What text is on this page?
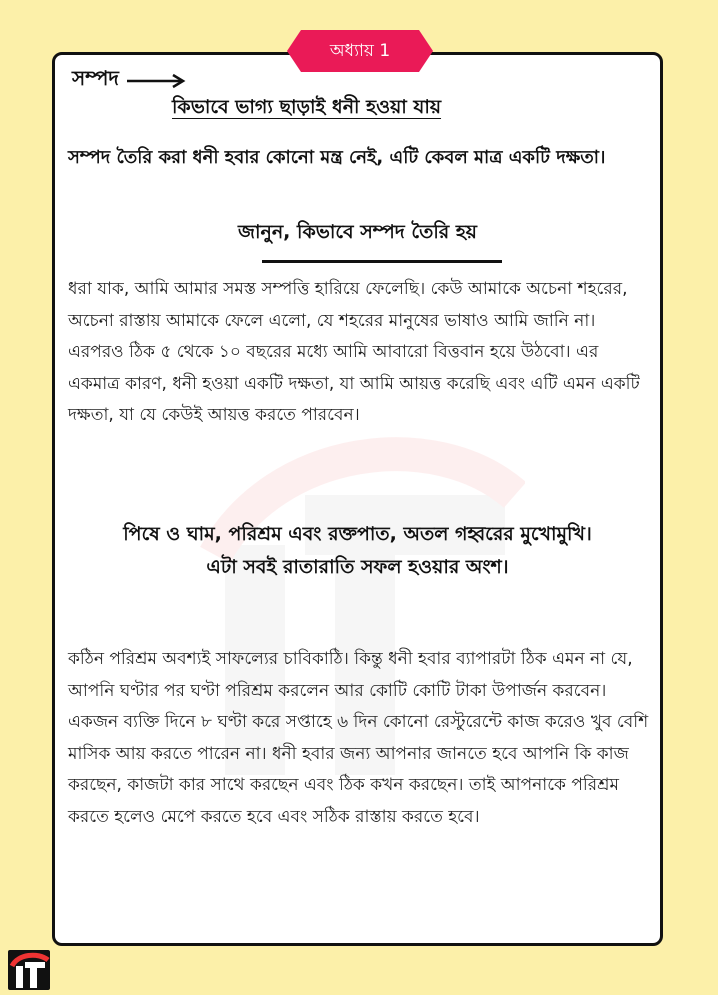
অধ্যায় 1
সম্পদ
কিভাবে ভাগ্য ছাড়াই ধনী হওয়া যায়
সম্পদ তৈরি করা ধনী হবার কোনো মন্ত্র নেই, এটি কেবল মাত্র একটি দক্ষতা।
জানুন, কিভাবে সম্পদ তৈরি হয়
ধরা যাক, আমি আমার সমস্ত সম্পত্তি হারিয়ে ফেলেছি। কেউ আমাকে অচেনা শহরের, অচেনা রাস্তায় আমাকে ফেলে এলো, যে শহরের মানুষের ভাষাও আমি জানি না। এরপরও ঠিক ৫ থেকে ১০ বছরের মধ্যে আমি আবারো বিত্তবান হয়ে উঠবো। এর একমাত্র কারণ, ধনী হওয়া একটি দক্ষতা, যা আমি আয়ত্ত করেছি এবং এটি এমন একটি দক্ষতা, যা যে কেউই আয়ত্ত করতে পারবেন।
পিষে ও ঘাম, পরিশ্রম এবং রক্তপাত, অতল গহ্বরের মুখোমুখি।
এটা সবই রাতারাতি সফল হওয়ার অংশ।
কঠিন পরিশ্রম অবশ্যই সাফল্যের চাবিকাঠি। কিন্তু ধনী হবার ব্যাপারটা ঠিক এমন না যে, আপনি ঘণ্টার পর ঘণ্টা পরিশ্রম করলেন আর কোটি কোটি টাকা উপার্জন করবেন। একজন ব্যক্তি দিনে ৮ ঘণ্টা করে সপ্তাহে ৬ দিন কোনো রেস্টুরেন্টে কাজ করেও খুব বেশি মাসিক আয় করতে পারেন না। ধনী হবার জন্য আপনার জানতে হবে আপনি কি কাজ করছেন, কাজটা কার সাথে করছেন এবং ঠিক কখন করছেন। তাই আপনাকে পরিশ্রম করতে হলেও মেপে করতে হবে এবং সঠিক রাস্তায় করতে হবে।
